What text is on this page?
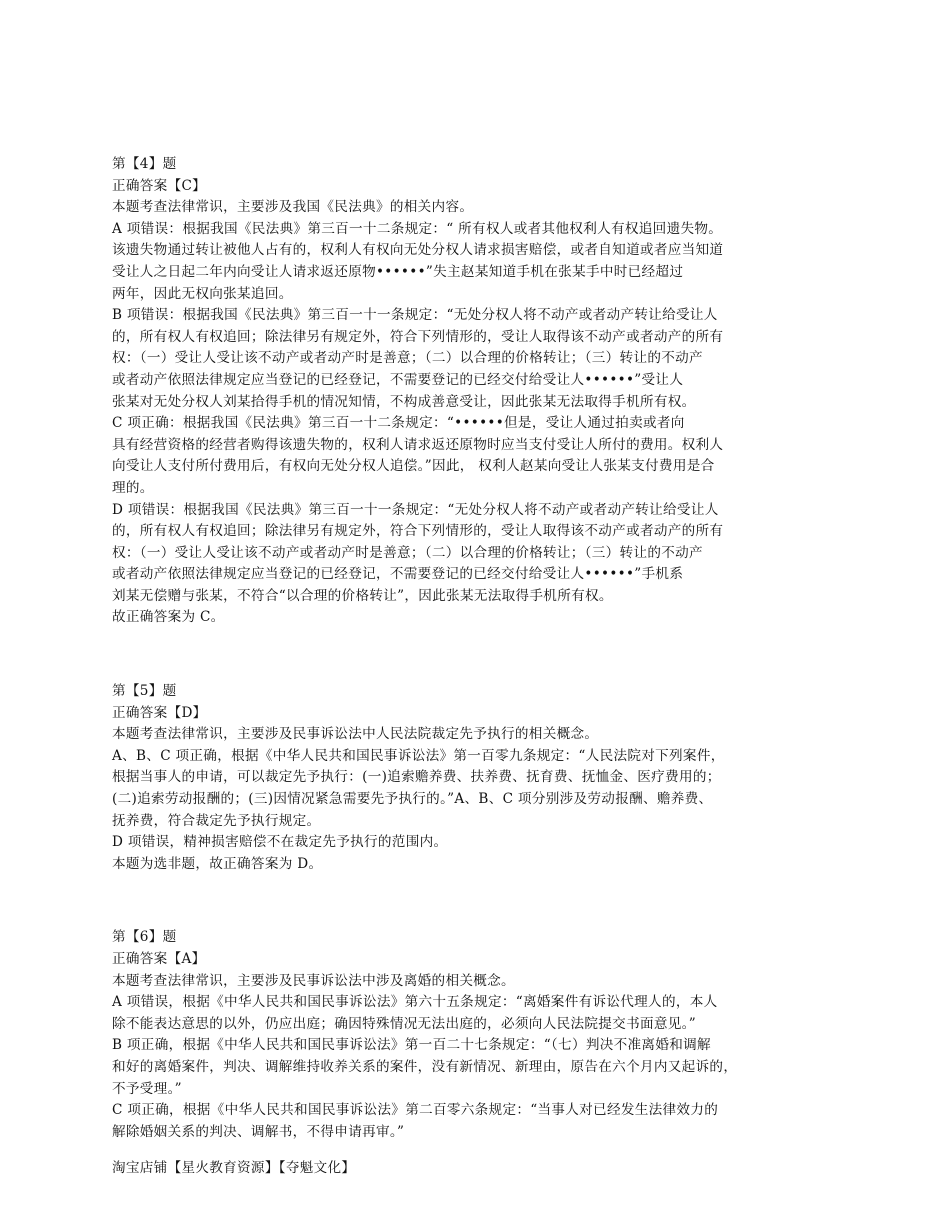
第【4】题
正确答案【C】
本题考查法律常识，主要涉及我国《民法典》的相关内容。
A 项错误：根据我国《民法典》第三百一十二条规定：“ 所有权人或者其他权利人有权追回遗失物。
该遗失物通过转让被他人占有的，权利人有权向无处分权人请求损害赔偿，或者自知道或者应当知道
受让人之日起二年内向受让人请求返还原物••••••”失主赵某知道手机在张某手中时已经超过
两年，因此无权向张某追回。
B 项错误：根据我国《民法典》第三百一十一条规定：“无处分权人将不动产或者动产转让给受让人
的，所有权人有权追回；除法律另有规定外，符合下列情形的，受让人取得该不动产或者动产的所有
权：（一）受让人受让该不动产或者动产时是善意；（二）以合理的价格转让；（三）转让的不动产
或者动产依照法律规定应当登记的已经登记，不需要登记的已经交付给受让人••••••”受让人
张某对无处分权人刘某拾得手机的情况知情，不构成善意受让，因此张某无法取得手机所有权。
C 项正确：根据我国《民法典》第三百一十二条规定：“••••••但是，受让人通过拍卖或者向
具有经营资格的经营者购得该遗失物的，权利人请求返还原物时应当支付受让人所付的费用。权利人
向受让人支付所付费用后，有权向无处分权人追偿。”因此， 权利人赵某向受让人张某支付费用是合
理的。
D 项错误：根据我国《民法典》第三百一十一条规定：“无处分权人将不动产或者动产转让给受让人
的，所有权人有权追回；除法律另有规定外，符合下列情形的，受让人取得该不动产或者动产的所有
权：（一）受让人受让该不动产或者动产时是善意；（二）以合理的价格转让；（三）转让的不动产
或者动产依照法律规定应当登记的已经登记，不需要登记的已经交付给受让人••••••”手机系
刘某无偿赠与张某，不符合“以合理的价格转让”，因此张某无法取得手机所有权。
故正确答案为 C。
第【5】题
正确答案【D】
本题考查法律常识，主要涉及民事诉讼法中人民法院裁定先予执行的相关概念。
A、B、C 项正确，根据《中华人民共和国民事诉讼法》第一百零九条规定：“人民法院对下列案件，
根据当事人的申请，可以裁定先予执行：(一)追索赡养费、扶养费、抚育费、抚恤金、医疗费用的；
(二)追索劳动报酬的；(三)因情况紧急需要先予执行的。”A、B、C 项分别涉及劳动报酬、赡养费、
抚养费，符合裁定先予执行规定。
D 项错误，精神损害赔偿不在裁定先予执行的范围内。
本题为选非题，故正确答案为 D。
第【6】题
正确答案【A】
本题考查法律常识，主要涉及民事诉讼法中涉及离婚的相关概念。
A 项错误，根据《中华人民共和国民事诉讼法》第六十五条规定：“离婚案件有诉讼代理人的，本人
除不能表达意思的以外，仍应出庭；确因特殊情况无法出庭的，必须向人民法院提交书面意见。”
B 项正确，根据《中华人民共和国民事诉讼法》第一百二十七条规定：“（七）判决不准离婚和调解
和好的离婚案件，判决、调解维持收养关系的案件，没有新情况、新理由，原告在六个月内又起诉的，
不予受理。”
C 项正确，根据《中华人民共和国民事诉讼法》第二百零六条规定：“当事人对已经发生法律效力的
解除婚姻关系的判决、调解书，不得申请再审。”
淘宝店铺【星火教育资源】【夺魁文化】
